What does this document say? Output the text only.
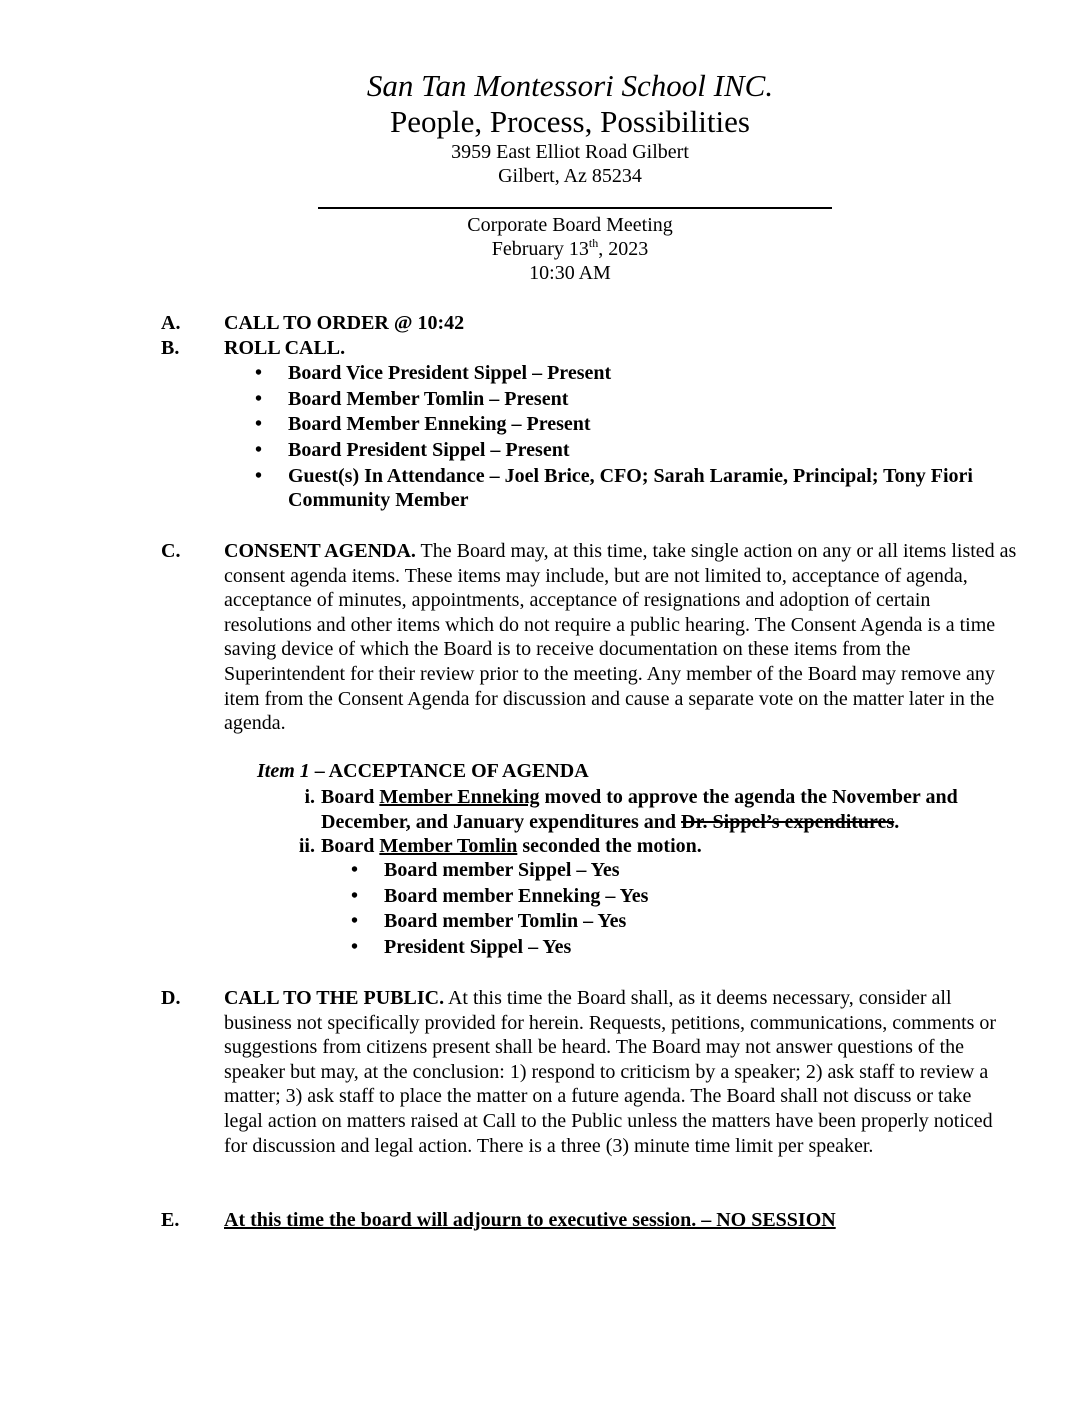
San Tan Montessori School INC.
People, Process, Possibilities
3959 East Elliot Road Gilbert
Gilbert, Az 85234
Corporate Board Meeting
February 13th, 2023
10:30 AM
A. CALL TO ORDER @ 10:42
B. ROLL CALL.
•	Board Vice President Sippel – Present
•	Board Member Tomlin – Present
•	Board Member Enneking – Present
•	Board President Sippel – Present
•	Guest(s) In Attendance – Joel Brice, CFO; Sarah Laramie, Principal; Tony Fiori Community Member
C. CONSENT AGENDA. The Board may, at this time, take single action on any or all items listed as consent agenda items. These items may include, but are not limited to, acceptance of agenda, acceptance of minutes, appointments, acceptance of resignations and adoption of certain resolutions and other items which do not require a public hearing. The Consent Agenda is a time saving device of which the Board is to receive documentation on these items from the Superintendent for their review prior to the meeting. Any member of the Board may remove any item from the Consent Agenda for discussion and cause a separate vote on the matter later in the agenda.
Item 1 – ACCEPTANCE OF AGENDA
i. Board Member Enneking moved to approve the agenda the November and December, and January expenditures and Dr. Sippel’s expenditures.
ii. Board Member Tomlin seconded the motion.
•	Board member Sippel – Yes
•	Board member Enneking – Yes
•	Board member Tomlin – Yes
•	President Sippel – Yes
D. CALL TO THE PUBLIC. At this time the Board shall, as it deems necessary, consider all business not specifically provided for herein. Requests, petitions, communications, comments or suggestions from citizens present shall be heard. The Board may not answer questions of the speaker but may, at the conclusion: 1) respond to criticism by a speaker; 2) ask staff to review a matter; 3) ask staff to place the matter on a future agenda. The Board shall not discuss or take legal action on matters raised at Call to the Public unless the matters have been properly noticed for discussion and legal action. There is a three (3) minute time limit per speaker.
E. At this time the board will adjourn to executive session. – NO SESSION
